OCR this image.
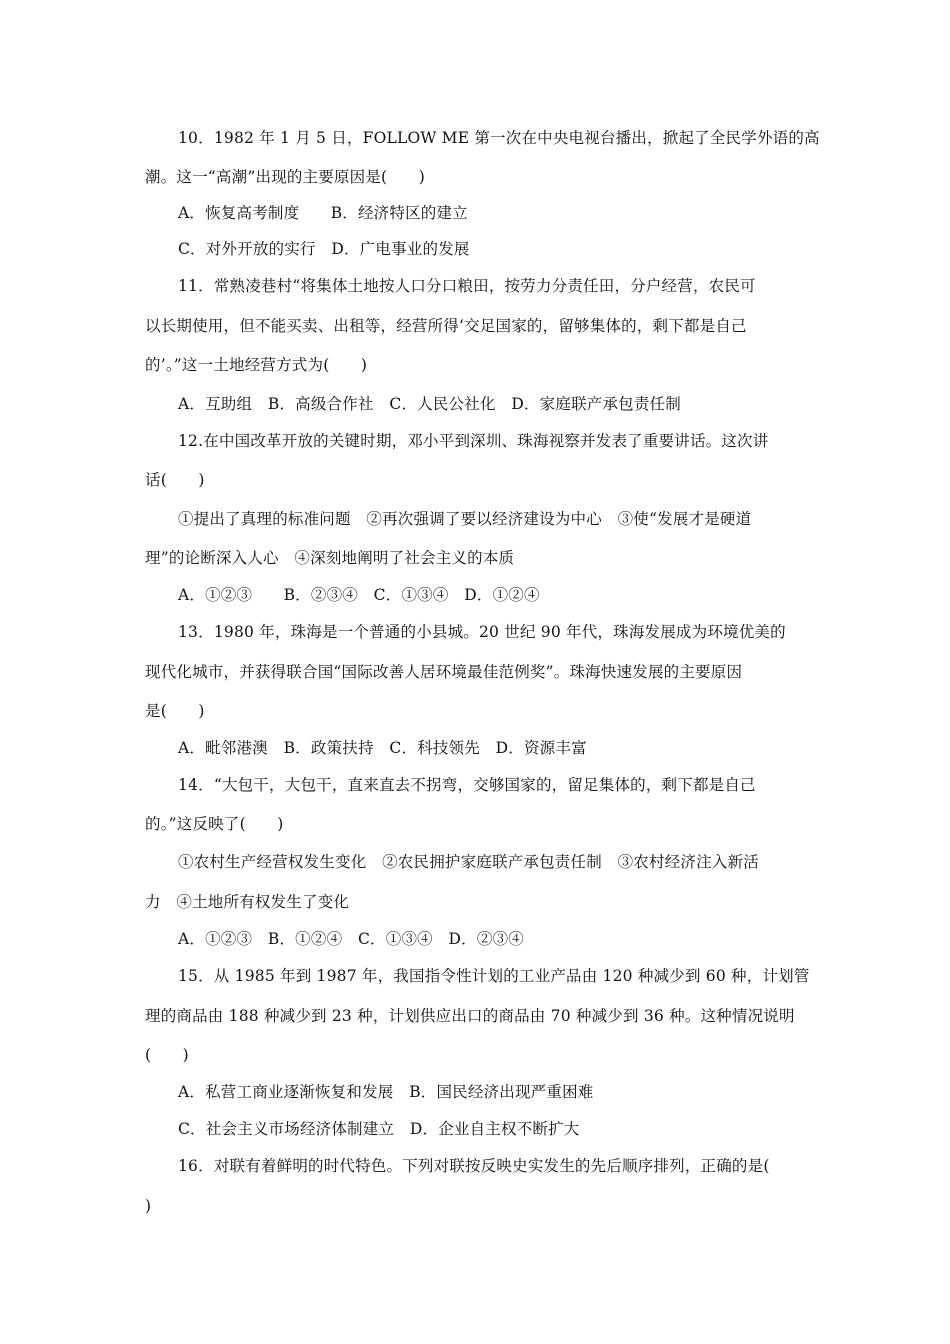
10．1982 年 1 月 5 日，FOLLOW ME 第一次在中央电视台播出，掀起了全民学外语的高
潮。这一“高潮”出现的主要原因是(　　)
A．恢复高考制度　　B．经济特区的建立
C．对外开放的实行　D．广电事业的发展
11．常熟凌巷村“将集体土地按人口分口粮田，按劳力分责任田，分户经营，农民可
以长期使用，但不能买卖、出租等，经营所得‘交足国家的，留够集体的，剩下都是自己
的’。”这一土地经营方式为(　　)
A．互助组　B．高级合作社　C．人民公社化　D．家庭联产承包责任制
12.在中国改革开放的关键时期，邓小平到深圳、珠海视察并发表了重要讲话。这次讲
话(　　)
①提出了真理的标准问题　②再次强调了要以经济建设为中心　③使“发展才是硬道
理”的论断深入人心　④深刻地阐明了社会主义的本质
A．①②③　　B．②③④　C．①③④　D．①②④
13．1980 年，珠海是一个普通的小县城。20 世纪 90 年代，珠海发展成为环境优美的
现代化城市，并获得联合国“国际改善人居环境最佳范例奖”。珠海快速发展的主要原因
是(　　)
A．毗邻港澳　B．政策扶持　C．科技领先　D．资源丰富
14．“大包干，大包干，直来直去不拐弯，交够国家的，留足集体的，剩下都是自己
的。”这反映了(　　)
①农村生产经营权发生变化　②农民拥护家庭联产承包责任制　③农村经济注入新活
力　④土地所有权发生了变化
A．①②③　B．①②④　C．①③④　D．②③④
15．从 1985 年到 1987 年，我国指令性计划的工业产品由 120 种减少到 60 种，计划管
理的商品由 188 种减少到 23 种，计划供应出口的商品由 70 种减少到 36 种。这种情况说明
(　　)
A．私营工商业逐渐恢复和发展　B．国民经济出现严重困难
C．社会主义市场经济体制建立　D．企业自主权不断扩大
16．对联有着鲜明的时代特色。下列对联按反映史实发生的先后顺序排列，正确的是(
)
